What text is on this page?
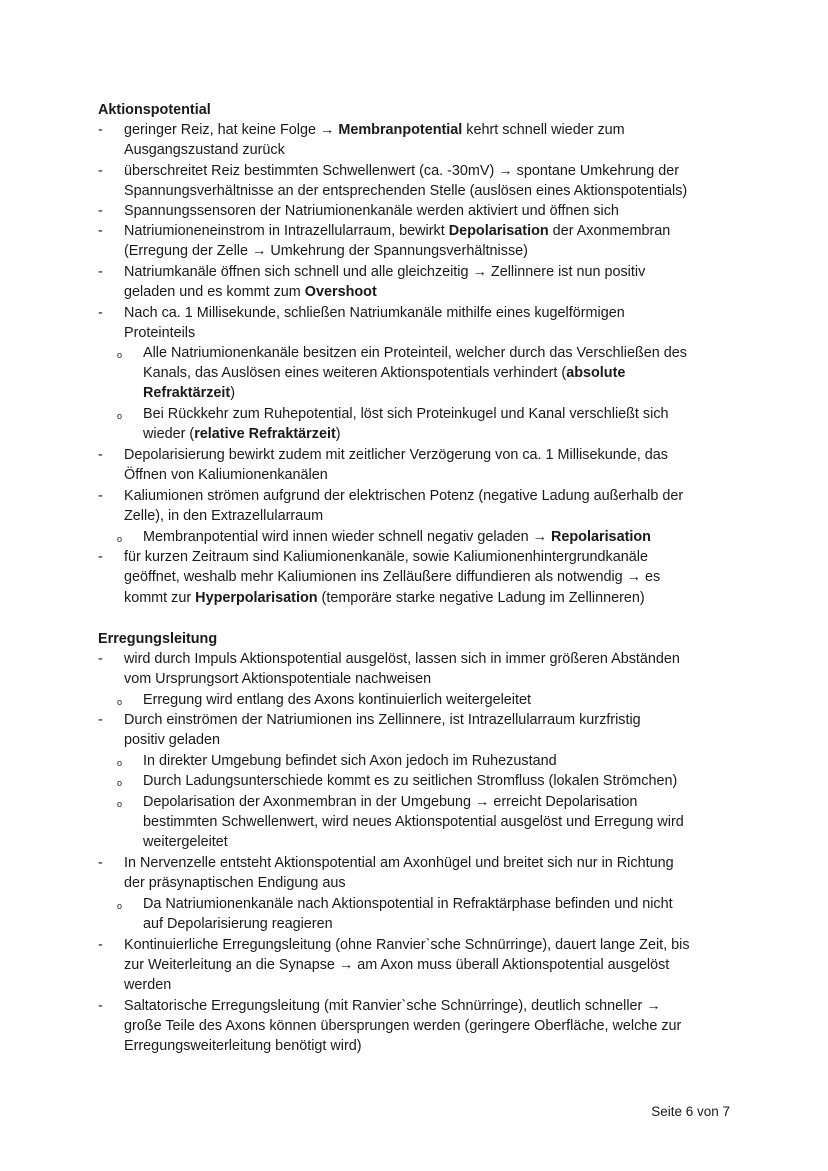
Aktionspotential
- geringer Reiz, hat keine Folge → Membranpotential kehrt schnell wieder zum
Ausgangszustand zurück
- überschreitet Reiz bestimmten Schwellenwert (ca. -30mV) → spontane Umkehrung der
Spannungsverhältnisse an der entsprechenden Stelle (auslösen eines Aktionspotentials)
- Spannungssensoren der Natriumionenkanäle werden aktiviert und öffnen sich
- Natriumioneneinstrom in Intrazellularraum, bewirkt Depolarisation der Axonmembran
(Erregung der Zelle → Umkehrung der Spannungsverhältnisse)
- Natriumkanäle öffnen sich schnell und alle gleichzeitig → Zellinnere ist nun positiv
geladen und es kommt zum Overshoot
- Nach ca. 1 Millisekunde, schließen Natriumkanäle mithilfe eines kugelförmigen
Proteinteils
o Alle Natriumionenkanäle besitzen ein Proteinteil, welcher durch das Verschließen des
Kanals, das Auslösen eines weiteren Aktionspotentials verhindert (absolute
Refraktärzeit)
o Bei Rückkehr zum Ruhepotential, löst sich Proteinkugel und Kanal verschließt sich
wieder (relative Refraktärzeit)
- Depolarisierung bewirkt zudem mit zeitlicher Verzögerung von ca. 1 Millisekunde, das
Öffnen von Kaliumionenkanälen
- Kaliumionen strömen aufgrund der elektrischen Potenz (negative Ladung außerhalb der
Zelle), in den Extrazellularraum
o Membranpotential wird innen wieder schnell negativ geladen → Repolarisation
- für kurzen Zeitraum sind Kaliumionenkanäle, sowie Kaliumionenhintergrundkanäle
geöffnet, weshalb mehr Kaliumionen ins Zelläußere diffundieren als notwendig → es
kommt zur Hyperpolarisation (temporäre starke negative Ladung im Zellinneren)
Erregungsleitung
- wird durch Impuls Aktionspotential ausgelöst, lassen sich in immer größeren Abständen
vom Ursprungsort Aktionspotentiale nachweisen
o Erregung wird entlang des Axons kontinuierlich weitergeleitet
- Durch einströmen der Natriumionen ins Zellinnere, ist Intrazellularraum kurzfristig
positiv geladen
o In direkter Umgebung befindet sich Axon jedoch im Ruhezustand
o Durch Ladungsunterschiede kommt es zu seitlichen Stromfluss (lokalen Strömchen)
o Depolarisation der Axonmembran in der Umgebung → erreicht Depolarisation
bestimmten Schwellenwert, wird neues Aktionspotential ausgelöst und Erregung wird
weitergeleitet
- In Nervenzelle entsteht Aktionspotential am Axonhügel und breitet sich nur in Richtung
der präsynaptischen Endigung aus
o Da Natriumionenkanäle nach Aktionspotential in Refraktärphase befinden und nicht
auf Depolarisierung reagieren
- Kontinuierliche Erregungsleitung (ohne Ranvier`sche Schnürringe), dauert lange Zeit, bis
zur Weiterleitung an die Synapse → am Axon muss überall Aktionspotential ausgelöst
werden
- Saltatorische Erregungsleitung (mit Ranvier`sche Schnürringe), deutlich schneller →
große Teile des Axons können übersprungen werden (geringere Oberfläche, welche zur
Erregungsweiterleitung benötigt wird)
Seite 6 von 7
